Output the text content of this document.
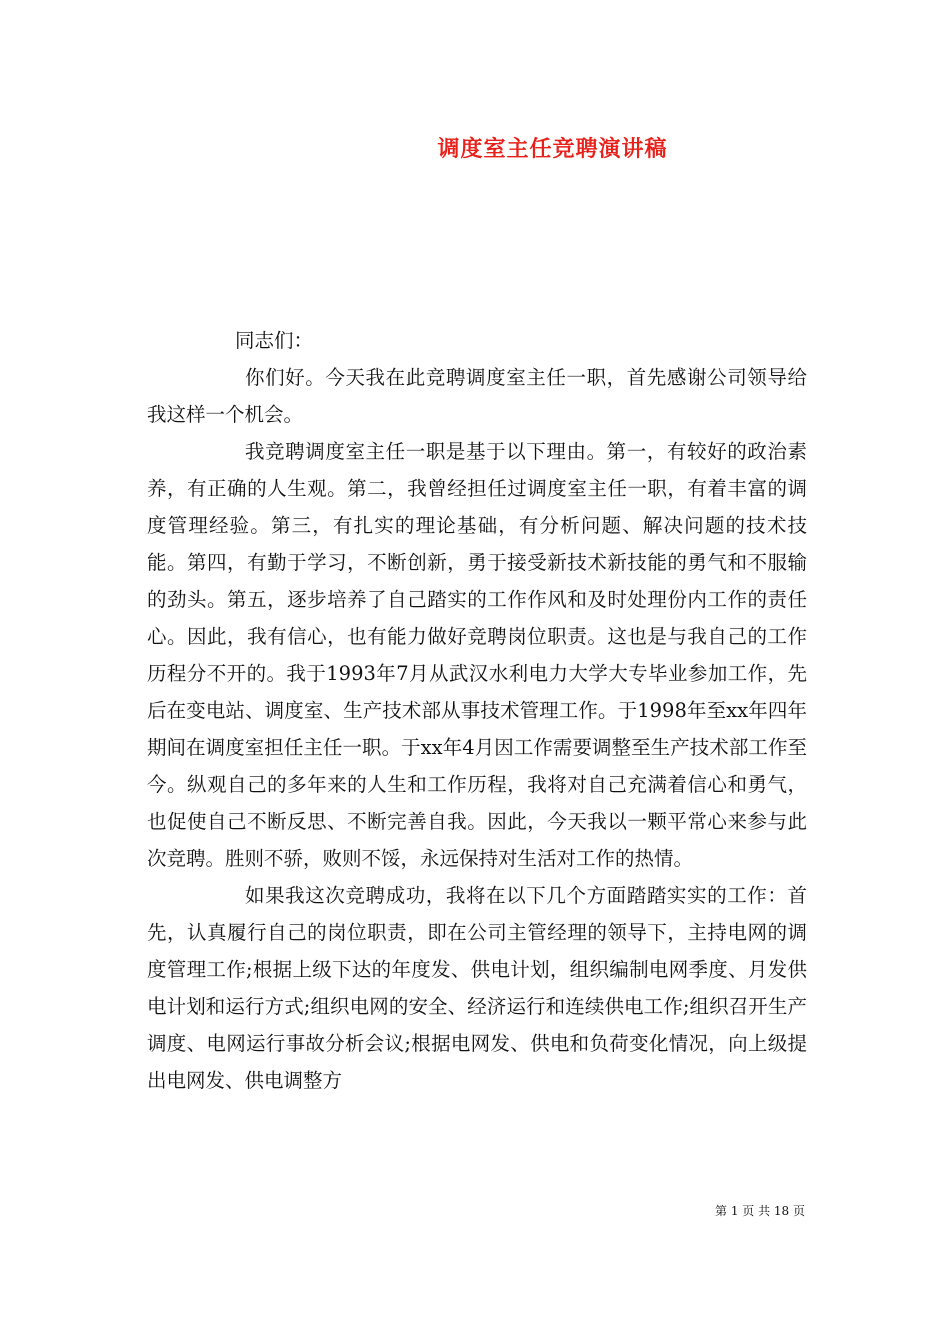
调度室主任竞聘演讲稿

同志们：

你们好。今天我在此竞聘调度室主任一职，首先感谢公司领导给我这样一个机会。

我竞聘调度室主任一职是基于以下理由。第一，有较好的政治素养，有正确的人生观。第二，我曾经担任过调度室主任一职，有着丰富的调度管理经验。第三，有扎实的理论基础，有分析问题、解决问题的技术技能。第四，有勤于学习，不断创新，勇于接受新技术新技能的勇气和不服输的劲头。第五，逐步培养了自己踏实的工作作风和及时处理份内工作的责任心。因此，我有信心，也有能力做好竞聘岗位职责。这也是与我自己的工作历程分不开的。我于1993年7月从武汉水利电力大学大专毕业参加工作，先后在变电站、调度室、生产技术部从事技术管理工作。于1998年至xx年四年期间在调度室担任主任一职。于xx年4月因工作需要调整至生产技术部工作至今。纵观自己的多年来的人生和工作历程，我将对自己充满着信心和勇气，也促使自己不断反思、不断完善自我。因此，今天我以一颗平常心来参与此次竞聘。胜则不骄，败则不馁，永远保持对生活对工作的热情。

如果我这次竞聘成功，我将在以下几个方面踏踏实实的工作：首先，认真履行自己的岗位职责，即在公司主管经理的领导下，主持电网的调度管理工作;根据上级下达的年度发、供电计划，组织编制电网季度、月发供电计划和运行方式;组织电网的安全、经济运行和连续供电工作;组织召开生产调度、电网运行事故分析会议;根据电网发、供电和负荷变化情况，向上级提出电网发、供电调整方

第 1 页 共 18 页
